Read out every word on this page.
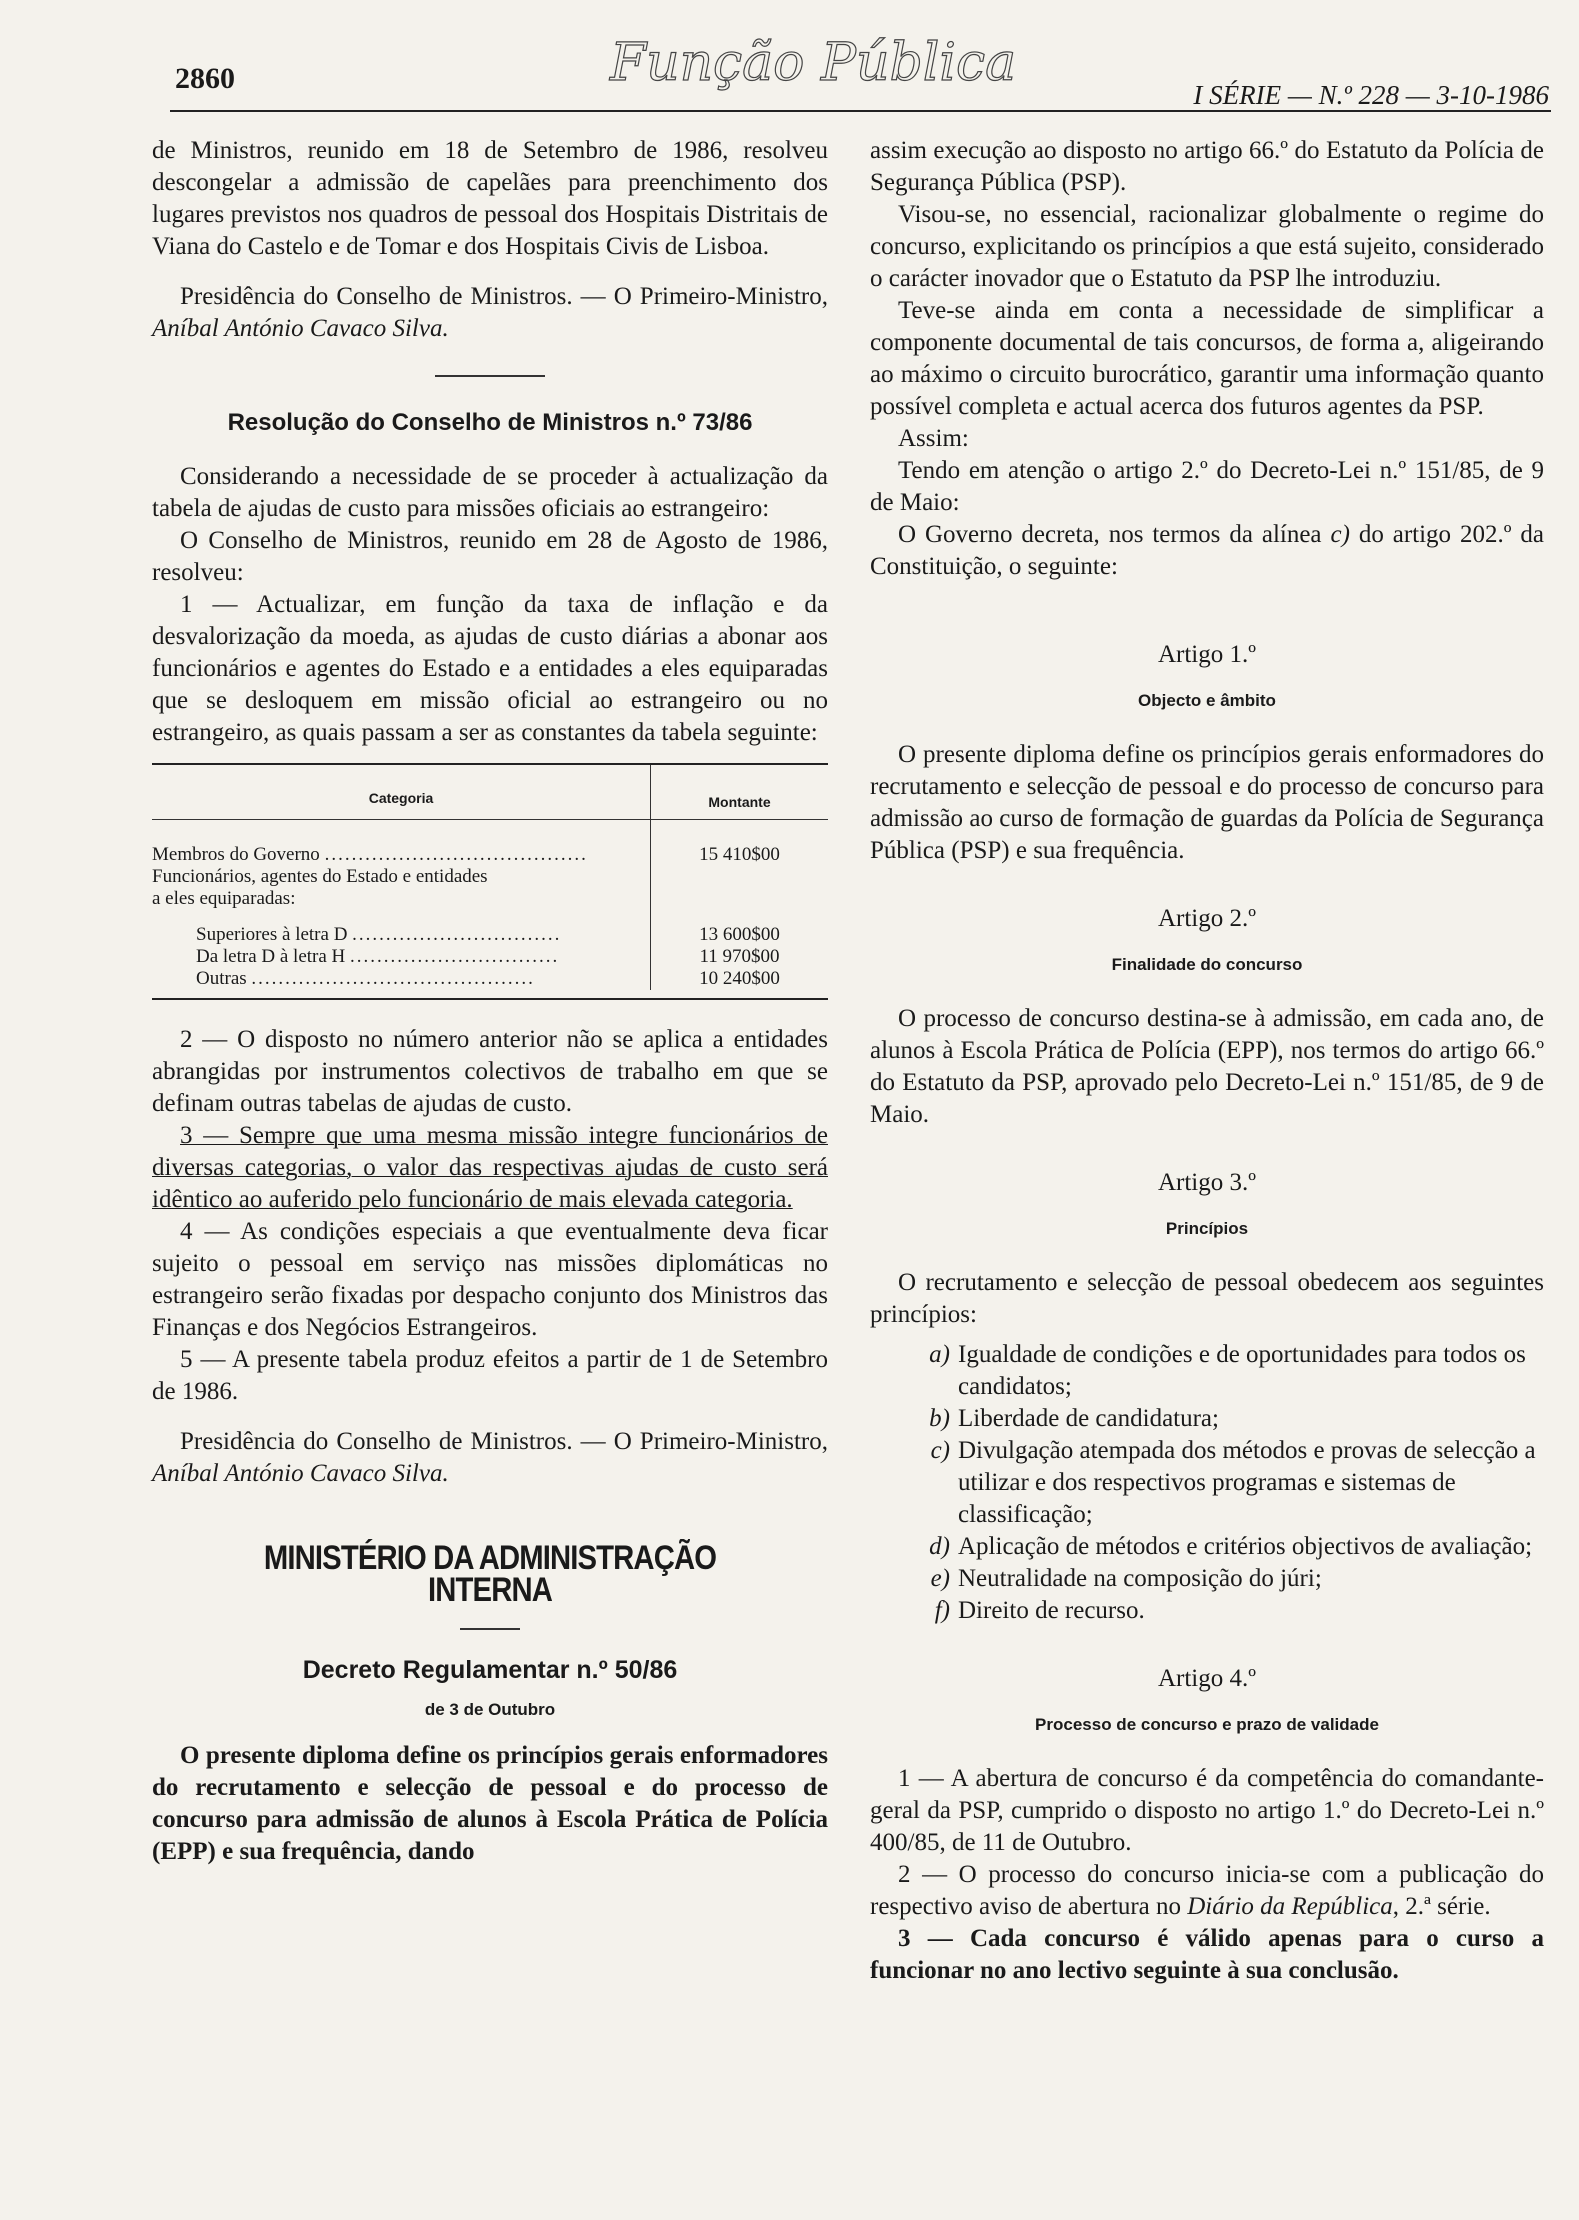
2860	Função Pública
I SÉRIE — N.º 228 — 3-10-1986

de Ministros, reunido em 18 de Setembro de 1986, resolveu descongelar a admissão de capelães para preenchimento dos lugares previstos nos quadros de pessoal dos Hospitais Distritais de Viana do Castelo e de Tomar e dos Hospitais Civis de Lisboa.

Presidência do Conselho de Ministros. — O Primeiro-Ministro, Aníbal António Cavaco Silva.

Resolução do Conselho de Ministros n.º 73/86

Considerando a necessidade de se proceder à actualização da tabela de ajudas de custo para missões oficiais ao estrangeiro:

O Conselho de Ministros, reunido em 28 de Agosto de 1986, resolveu:

1 — Actualizar, em função da taxa de inflação e da desvalorização da moeda, as ajudas de custo diárias a abonar aos funcionários e agentes do Estado e a entidades a eles equiparadas que se desloquem em missão oficial ao estrangeiro ou no estrangeiro, as quais passam a ser as constantes da tabela seguinte:

Categoria	Montante
Membros do Governo .......................................
Funcionários, agentes do Estado e entidades
a eles equiparadas:
Superiores à letra D ...............................
Da letra D à letra H ...............................
Outras ..........................................
15 410$00
13 600$00
11 970$00
10 240$00

2 — O disposto no número anterior não se aplica a entidades abrangidas por instrumentos colectivos de trabalho em que se definam outras tabelas de ajudas de custo.

3 — Sempre que uma mesma missão integre funcionários de diversas categorias, o valor das respectivas ajudas de custo será idêntico ao auferido pelo funcionário de mais elevada categoria.

4 — As condições especiais a que eventualmente deva ficar sujeito o pessoal em serviço nas missões diplomáticas no estrangeiro serão fixadas por despacho conjunto dos Ministros das Finanças e dos Negócios Estrangeiros.

5 — A presente tabela produz efeitos a partir de 1 de Setembro de 1986.

Presidência do Conselho de Ministros. — O Primeiro-Ministro, Aníbal António Cavaco Silva.

MINISTÉRIO DA ADMINISTRAÇÃO INTERNA
Decreto Regulamentar n.º 50/86
de 3 de Outubro

O presente diploma define os princípios gerais enformadores do recrutamento e selecção de pessoal e do processo de concurso para admissão de alunos à Escola Prática de Polícia (EPP) e sua frequência, dando

assim execução ao disposto no artigo 66.º do Estatuto da Polícia de Segurança Pública (PSP).

Visou-se, no essencial, racionalizar globalmente o regime do concurso, explicitando os princípios a que está sujeito, considerado o carácter inovador que o Estatuto da PSP lhe introduziu.

Teve-se ainda em conta a necessidade de simplificar a componente documental de tais concursos, de forma a, aligeirando ao máximo o circuito burocrático, garantir uma informação quanto possível completa e actual acerca dos futuros agentes da PSP.

Assim:

Tendo em atenção o artigo 2.º do Decreto-Lei n.º 151/85, de 9 de Maio:

O Governo decreta, nos termos da alínea c) do artigo 202.º da Constituição, o seguinte:

Artigo 1.º
Objecto e âmbito

O presente diploma define os princípios gerais enformadores do recrutamento e selecção de pessoal e do processo de concurso para admissão ao curso de formação de guardas da Polícia de Segurança Pública (PSP) e sua frequência.

Artigo 2.º
Finalidade do concurso

O processo de concurso destina-se à admissão, em cada ano, de alunos à Escola Prática de Polícia (EPP), nos termos do artigo 66.º do Estatuto da PSP, aprovado pelo Decreto-Lei n.º 151/85, de 9 de Maio.

Artigo 3.º
Princípios

O recrutamento e selecção de pessoal obedecem aos seguintes princípios:

a) Igualdade de condições e de oportunidades para todos os candidatos;
b) Liberdade de candidatura;
c) Divulgação atempada dos métodos e provas de selecção a utilizar e dos respectivos programas e sistemas de classificação;
d) Aplicação de métodos e critérios objectivos de avaliação;
e) Neutralidade na composição do júri;
f) Direito de recurso.
Artigo 4.º
Processo de concurso e prazo de validade

1 — A abertura de concurso é da competência do comandante-geral da PSP, cumprido o disposto no artigo 1.º do Decreto-Lei n.º 400/85, de 11 de Outubro.

2 — O processo do concurso inicia-se com a publicação do respectivo aviso de abertura no Diário da República, 2.ª série.

3 — Cada concurso é válido apenas para o curso a funcionar no ano lectivo seguinte à sua conclusão.
